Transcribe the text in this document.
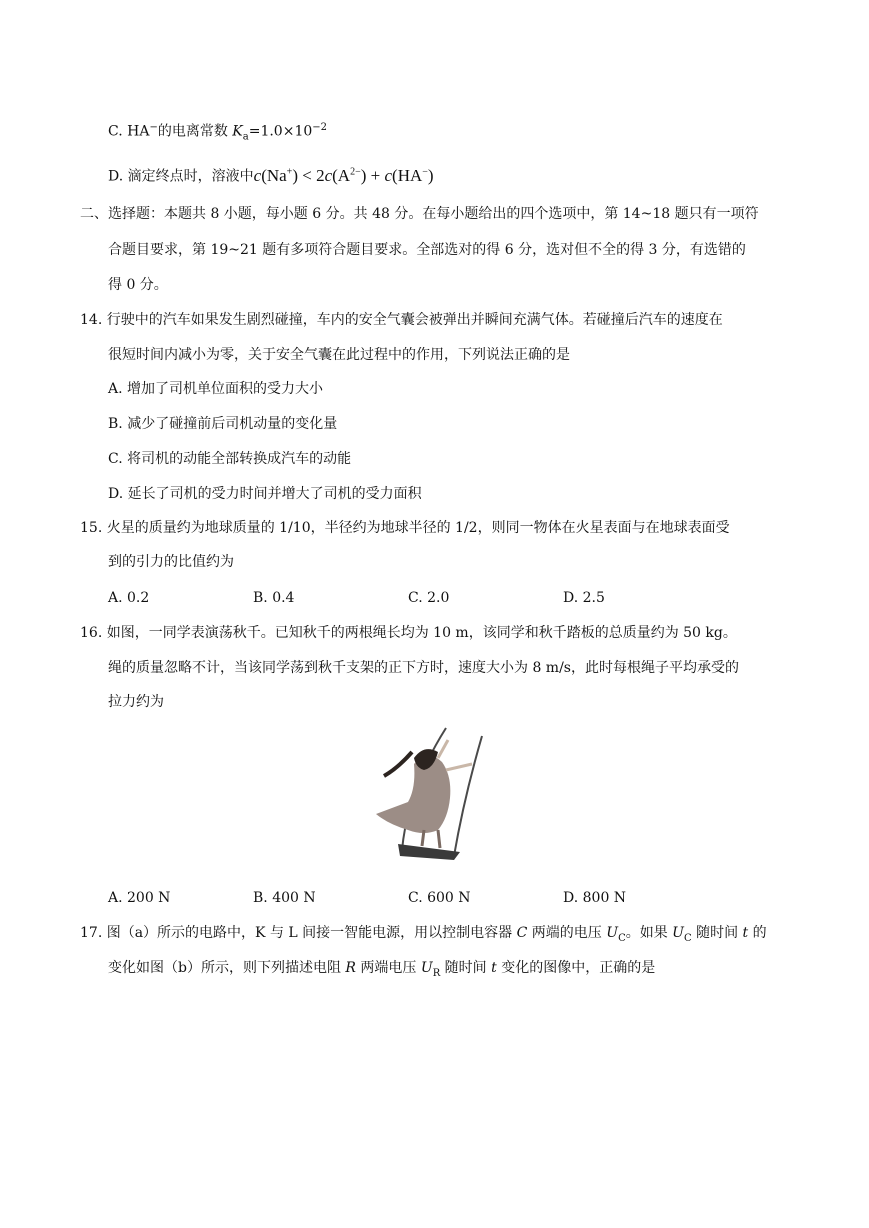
C. HA−的电离常数 $K_a=1.0\times 10^{-2}$
D. 滴定终点时，溶液中$c(Na^+) < 2c(A^{2-}) + c(HA^-)$
二、选择题：本题共 8 小题，每小题 6 分。共 48 分。在每小题给出的四个选项中，第 14~18 题只有一项符
合题目要求，第 19~21 题有多项符合题目要求。全部选对的得 6 分，选对但不全的得 3 分，有选错的
得 0 分。
14. 行驶中的汽车如果发生剧烈碰撞，车内的安全气囊会被弹出并瞬间充满气体。若碰撞后汽车的速度在
很短时间内减小为零，关于安全气囊在此过程中的作用，下列说法正确的是
A. 增加了司机单位面积的受力大小
B. 减少了碰撞前后司机动量的变化量
C. 将司机的动能全部转换成汽车的动能
D. 延长了司机的受力时间并增大了司机的受力面积
15. 火星的质量约为地球质量的 1/10，半径约为地球半径的 1/2，则同一物体在火星表面与在地球表面受
到的引力的比值约为
A. 0.2	B. 0.4	C. 2.0	D. 2.5
16. 如图，一同学表演荡秋千。已知秋千的两根绳长均为 10 m，该同学和秋千踏板的总质量约为 50 kg。
绳的质量忽略不计，当该同学荡到秋千支架的正下方时，速度大小为 8 m/s，此时每根绳子平均承受的
拉力约为
A. 200 N	B. 400 N	C. 600 N	D. 800 N
17. 图（a）所示的电路中，K 与 L 间接一智能电源，用以控制电容器 C 两端的电压 $U_C$。如果 $U_C$ 随时间 t 的
变化如图（b）所示，则下列描述电阻 R 两端电压 $U_R$ 随时间 t 变化的图像中，正确的是
